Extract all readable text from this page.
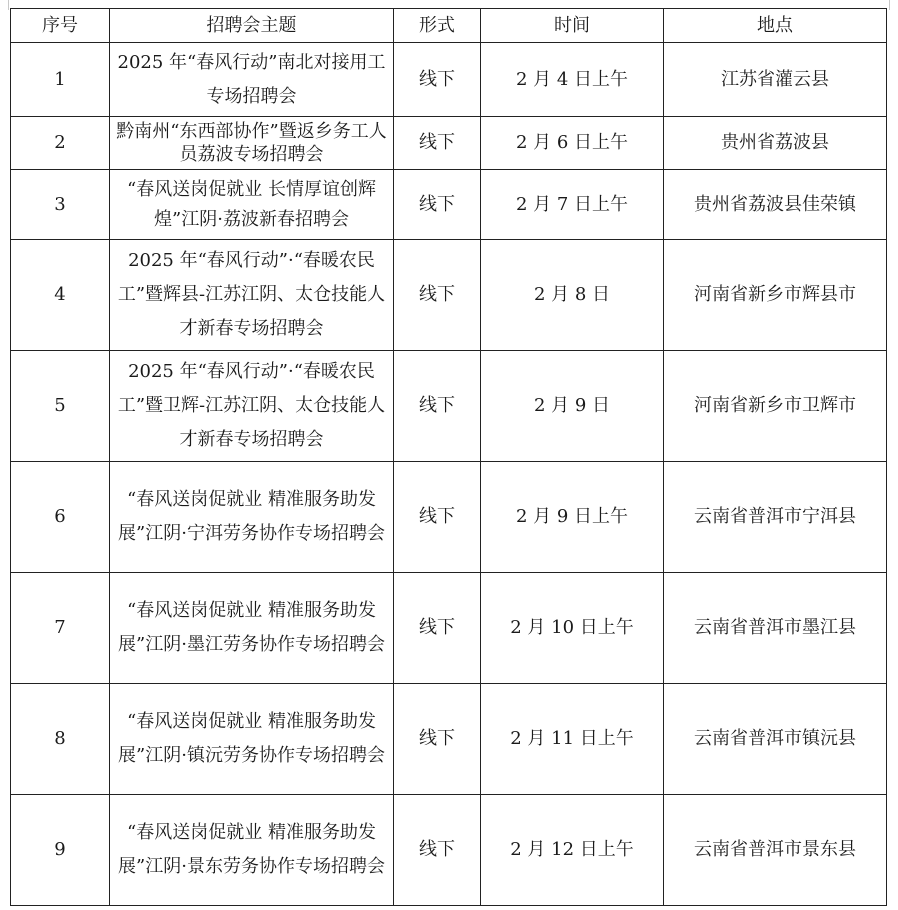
序号	招聘会主题	形式	时间	地点
1	2025 年“春风行动”南北对接用工专场招聘会	线下	2 月 4 日上午	江苏省灌云县
2	黔南州“东西部协作”暨返乡务工人员荔波专场招聘会	线下	2 月 6 日上午	贵州省荔波县
3	“春风送岗促就业 长情厚谊创辉煌”江阴·荔波新春招聘会	线下	2 月 7 日上午	贵州省荔波县佳荣镇
4	2025 年“春风行动”·“春暖农民工”暨辉县-江苏江阴、太仓技能人才新春专场招聘会	线下	2 月 8 日	河南省新乡市辉县市
5	2025 年“春风行动”·“春暖农民工”暨卫辉-江苏江阴、太仓技能人才新春专场招聘会	线下	2 月 9 日	河南省新乡市卫辉市
6	“春风送岗促就业 精准服务助发展”江阴·宁洱劳务协作专场招聘会	线下	2 月 9 日上午	云南省普洱市宁洱县
7	“春风送岗促就业 精准服务助发展”江阴·墨江劳务协作专场招聘会	线下	2 月 10 日上午	云南省普洱市墨江县
8	“春风送岗促就业 精准服务助发展”江阴·镇沅劳务协作专场招聘会	线下	2 月 11 日上午	云南省普洱市镇沅县
9	“春风送岗促就业 精准服务助发展”江阴·景东劳务协作专场招聘会	线下	2 月 12 日上午	云南省普洱市景东县
